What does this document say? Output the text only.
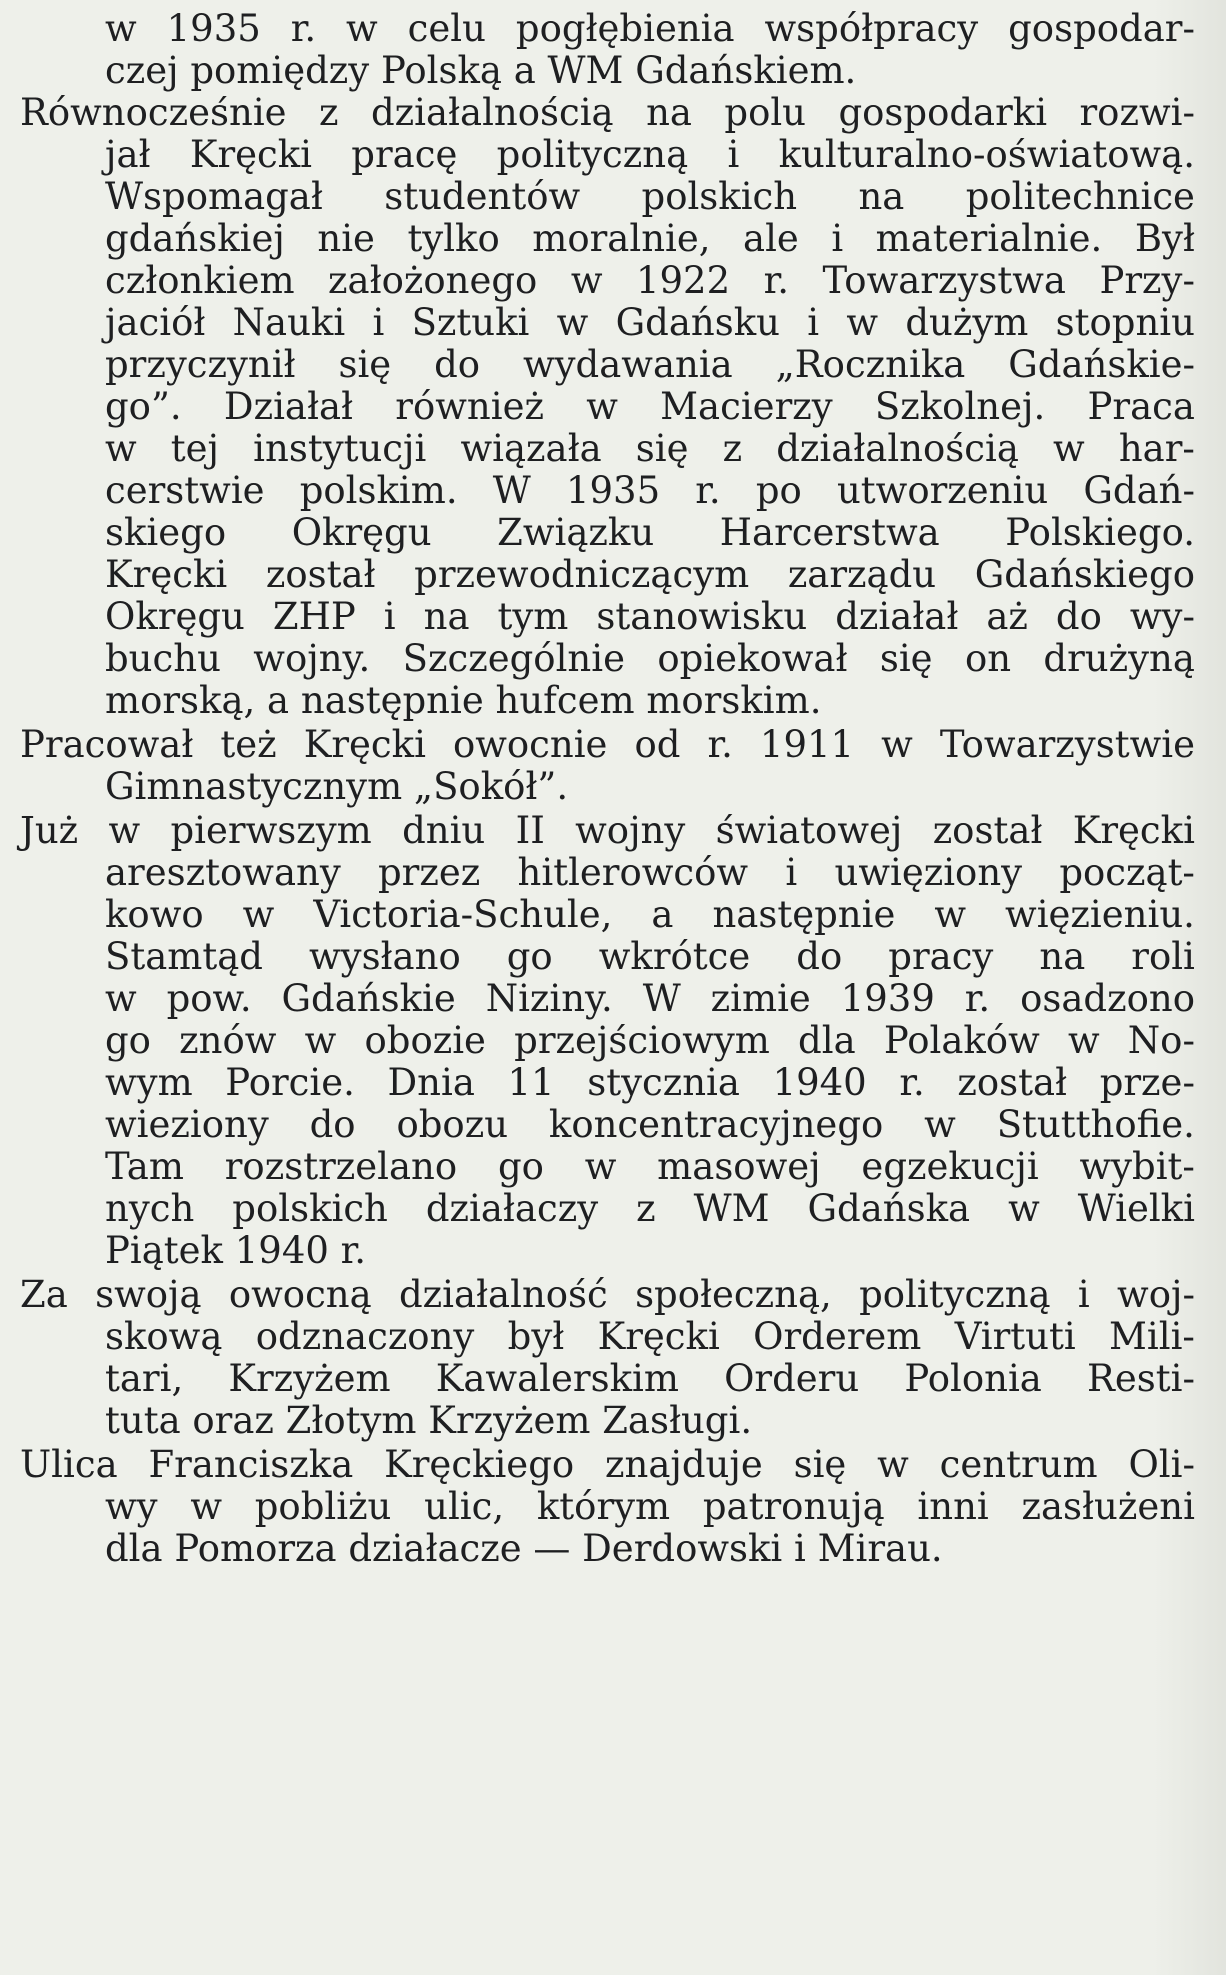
w 1935 r. w celu pogłębienia współpracy gospodar-
czej pomiędzy Polską a WM Gdańskiem.
Równocześnie z działalnością na polu gospodarki rozwi-
jał Kręcki pracę polityczną i kulturalno-oświatową.
Wspomagał studentów polskich na politechnice
gdańskiej nie tylko moralnie, ale i materialnie. Był
członkiem założonego w 1922 r. Towarzystwa Przy-
jaciół Nauki i Sztuki w Gdańsku i w dużym stopniu
przyczynił się do wydawania „Rocznika Gdańskie-
go”. Działał również w Macierzy Szkolnej. Praca
w tej instytucji wiązała się z działalnością w har-
cerstwie polskim. W 1935 r. po utworzeniu Gdań-
skiego Okręgu Związku Harcerstwa Polskiego.
Kręcki został przewodniczącym zarządu Gdańskiego
Okręgu ZHP i na tym stanowisku działał aż do wy-
buchu wojny. Szczególnie opiekował się on drużyną
morską, a następnie hufcem morskim.
Pracował też Kręcki owocnie od r. 1911 w Towarzystwie
Gimnastycznym „Sokół”.
Już w pierwszym dniu II wojny światowej został Kręcki
aresztowany przez hitlerowców i uwięziony począt-
kowo w Victoria-Schule, a następnie w więzieniu.
Stamtąd wysłano go wkrótce do pracy na roli
w pow. Gdańskie Niziny. W zimie 1939 r. osadzono
go znów w obozie przejściowym dla Polaków w No-
wym Porcie. Dnia 11 stycznia 1940 r. został prze-
wieziony do obozu koncentracyjnego w Stutthofie.
Tam rozstrzelano go w masowej egzekucji wybit-
nych polskich działaczy z WM Gdańska w Wielki
Piątek 1940 r.
Za swoją owocną działalność społeczną, polityczną i woj-
skową odznaczony był Kręcki Orderem Virtuti Mili-
tari, Krzyżem Kawalerskim Orderu Polonia Resti-
tuta oraz Złotym Krzyżem Zasługi.
Ulica Franciszka Kręckiego znajduje się w centrum Oli-
wy w pobliżu ulic, którym patronują inni zasłużeni
dla Pomorza działacze — Derdowski i Mirau.
